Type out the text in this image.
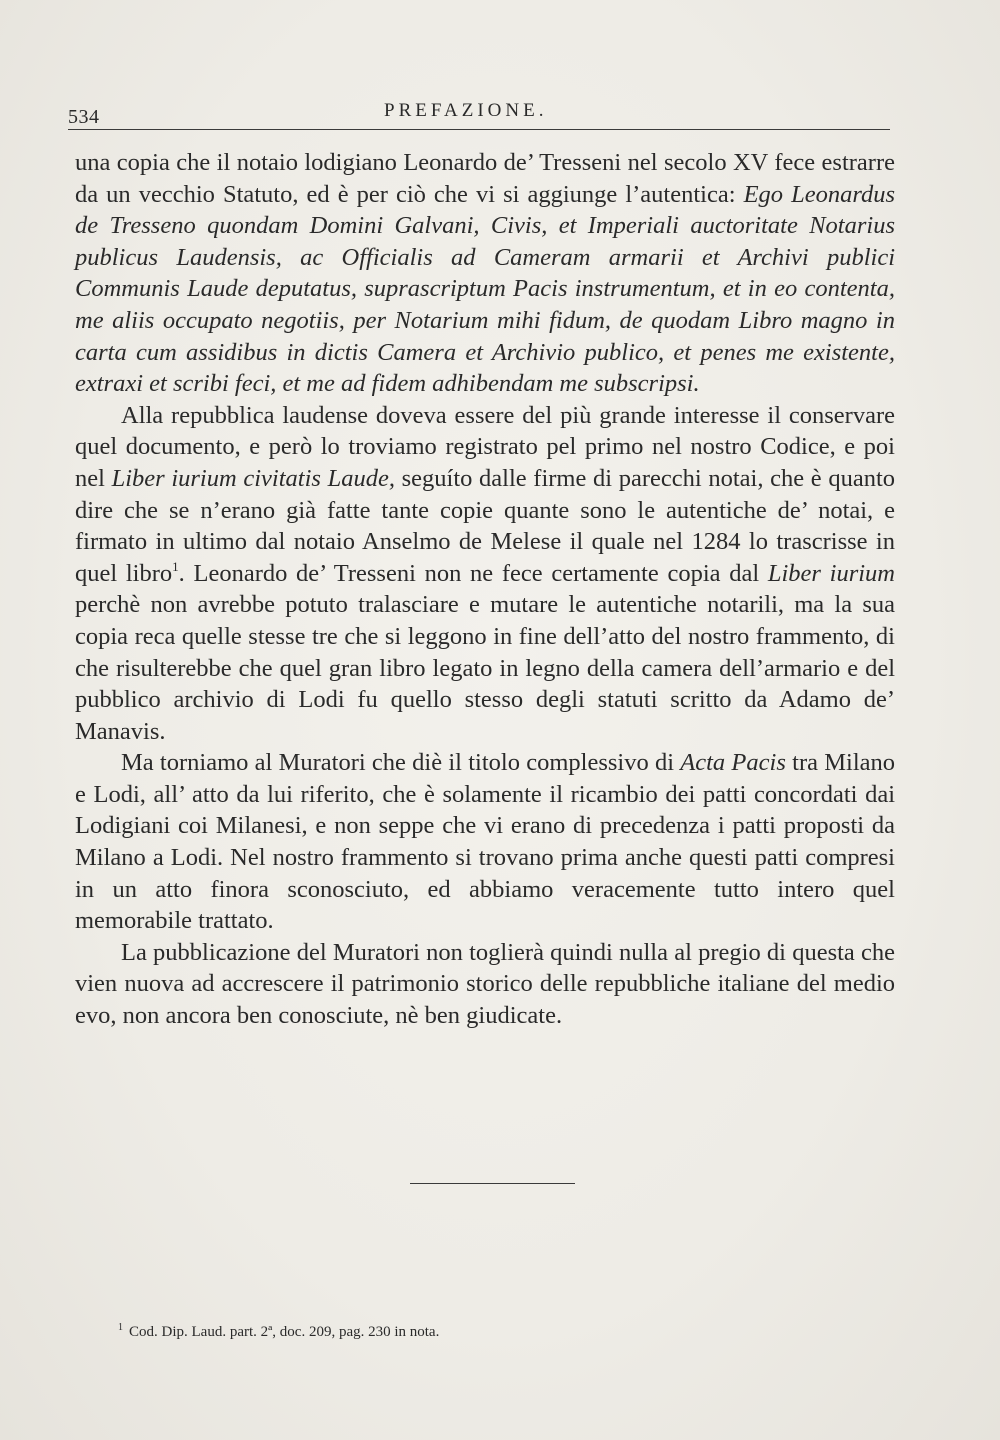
534	PREFAZIONE.

una copia che il notaio lodigiano Leonardo de’ Tresseni nel secolo XV fece estrarre da un vecchio Statuto, ed è per ciò che vi si aggiunge l’autentica: Ego Leonardus de Tresseno quondam Domini Galvani, Civis, et Imperiali auctoritate Notarius publicus Laudensis, ac Officialis ad Cameram armarii et Archivi publici Communis Laude deputatus, suprascriptum Pacis instrumentum, et in eo contenta, me aliis occupato negotiis, per Notarium mihi fidum, de quodam Libro magno in carta cum assidibus in dictis Camera et Archivio publico, et penes me existente, extraxi et scribi feci, et me ad fidem adhibendam me subscripsi.

Alla repubblica laudense doveva essere del più grande interesse il conservare quel documento, e però lo troviamo registrato pel primo nel nostro Codice, e poi nel Liber iurium civitatis Laude, seguíto dalle firme di parecchi notai, che è quanto dire che se n’erano già fatte tante copie quante sono le autentiche de’ notai, e firmato in ultimo dal notaio Anselmo de Melese il quale nel 1284 lo trascrisse in quel libro$^1$. Leonardo de’ Tresseni non ne fece certamente copia dal Liber iurium perchè non avrebbe potuto tralasciare e mutare le autentiche notarili, ma la sua copia reca quelle stesse tre che si leggono in fine dell’atto del nostro frammento, di che risulterebbe che quel gran libro legato in legno della camera dell’armario e del pubblico archivio di Lodi fu quello stesso degli statuti scritto da Adamo de’ Manavis.

Ma torniamo al Muratori che diè il titolo complessivo di Acta Pacis tra Milano e Lodi, all’ atto da lui riferito, che è solamente il ricambio dei patti concordati dai Lodigiani coi Milanesi, e non seppe che vi erano di precedenza i patti proposti da Milano a Lodi. Nel nostro frammento si trovano prima anche questi patti compresi in un atto finora sconosciuto, ed abbiamo veracemente tutto intero quel memorabile trattato.

La pubblicazione del Muratori non toglierà quindi nulla al pregio di questa che vien nuova ad accrescere il patrimonio storico delle repubbliche italiane del medio evo, non ancora ben conosciute, nè ben giudicate.

$^1$ Cod. Dip. Laud. part. 2ª, doc. 209, pag. 230 in nota.
